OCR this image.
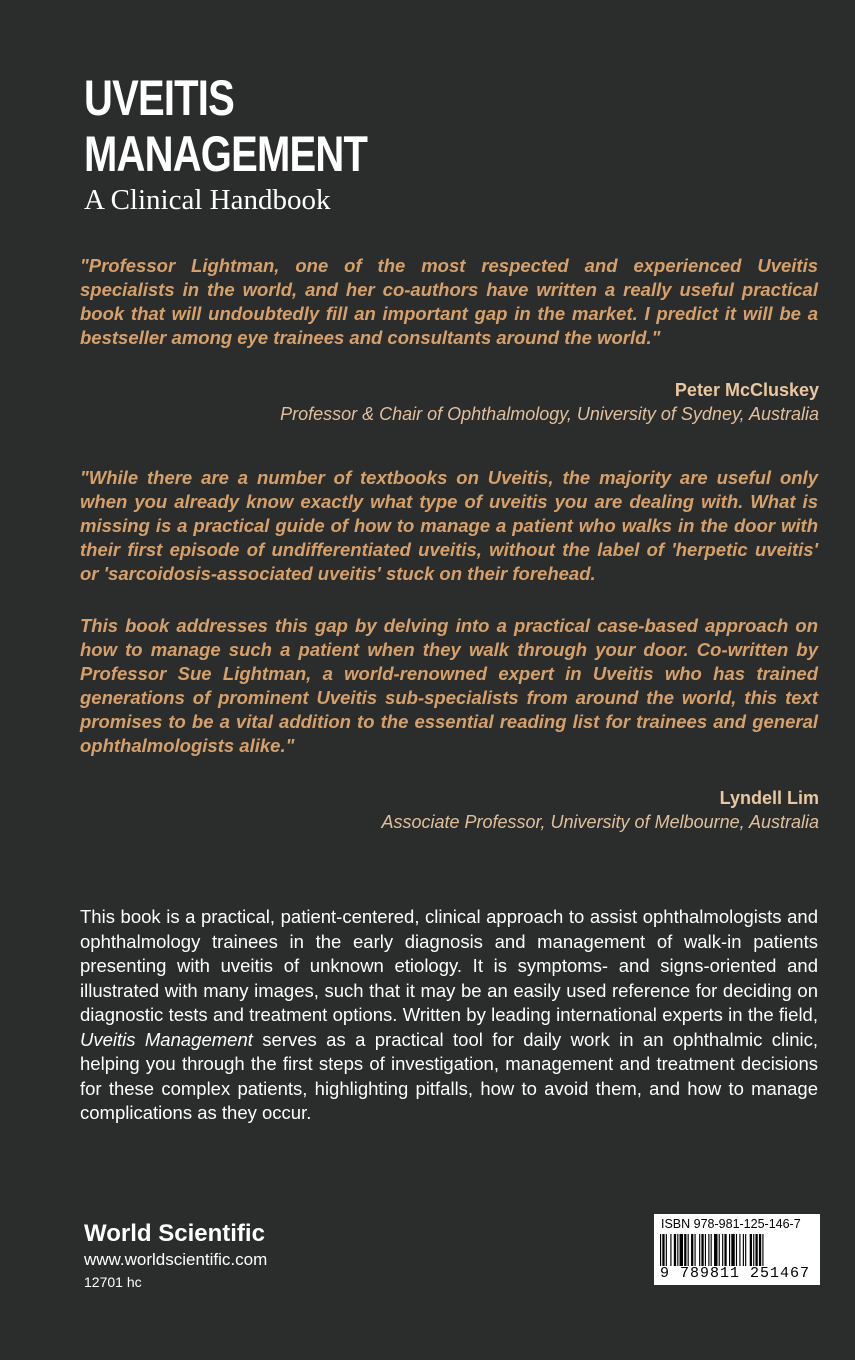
UVEITIS
MANAGEMENT
A Clinical Handbook

"Professor Lightman, one of the most respected and experienced Uveitis specialists in the world, and her co-authors have written a really useful practical book that will undoubtedly fill an important gap in the market. I predict it will be a bestseller among eye trainees and consultants around the world."

Peter McCluskey
Professor & Chair of Ophthalmology, University of Sydney, Australia

"While there are a number of textbooks on Uveitis, the majority are useful only when you already know exactly what type of uveitis you are dealing with. What is missing is a practical guide of how to manage a patient who walks in the door with their first episode of undifferentiated uveitis, without the label of 'herpetic uveitis' or 'sarcoidosis-associated uveitis' stuck on their forehead.

This book addresses this gap by delving into a practical case-based approach on how to manage such a patient when they walk through your door. Co-written by Professor Sue Lightman, a world-renowned expert in Uveitis who has trained generations of prominent Uveitis sub-specialists from around the world, this text promises to be a vital addition to the essential reading list for trainees and general ophthalmologists alike."

Lyndell Lim
Associate Professor, University of Melbourne, Australia

This book is a practical, patient-centered, clinical approach to assist ophthalmologists and ophthalmology trainees in the early diagnosis and management of walk-in patients presenting with uveitis of unknown etiology. It is symptoms- and signs-oriented and illustrated with many images, such that it may be an easily used reference for deciding on diagnostic tests and treatment options. Written by leading international experts in the field, Uveitis Management serves as a practical tool for daily work in an ophthalmic clinic, helping you through the first steps of investigation, management and treatment decisions for these complex patients, highlighting pitfalls, how to avoid them, and how to manage complications as they occur.

World Scientific
www.worldscientific.com
12701 hc
ISBN 978-981-125-146-7
9 789811 251467
